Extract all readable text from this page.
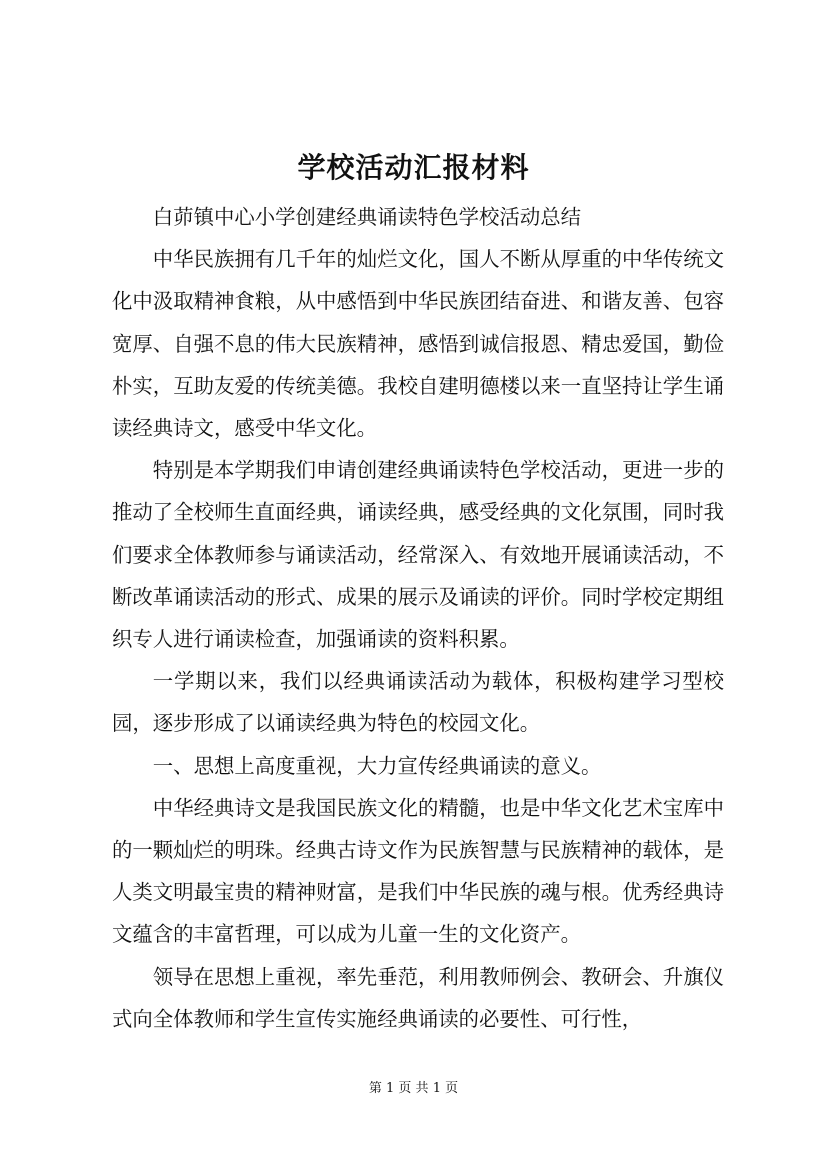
学校活动汇报材料

白茆镇中心小学创建经典诵读特色学校活动总结

中华民族拥有几千年的灿烂文化，国人不断从厚重的中华传统文化中汲取精神食粮，从中感悟到中华民族团结奋进、和谐友善、包容宽厚、自强不息的伟大民族精神，感悟到诚信报恩、精忠爱国，勤俭朴实，互助友爱的传统美德。我校自建明德楼以来一直坚持让学生诵读经典诗文，感受中华文化。

特别是本学期我们申请创建经典诵读特色学校活动，更进一步的推动了全校师生直面经典，诵读经典，感受经典的文化氛围，同时我们要求全体教师参与诵读活动，经常深入、有效地开展诵读活动，不断改革诵读活动的形式、成果的展示及诵读的评价。同时学校定期组织专人进行诵读检查，加强诵读的资料积累。

一学期以来，我们以经典诵读活动为载体，积极构建学习型校园，逐步形成了以诵读经典为特色的校园文化。

一、思想上高度重视，大力宣传经典诵读的意义。

中华经典诗文是我国民族文化的精髓，也是中华文化艺术宝库中的一颗灿烂的明珠。经典古诗文作为民族智慧与民族精神的载体，是人类文明最宝贵的精神财富，是我们中华民族的魂与根。优秀经典诗文蕴含的丰富哲理，可以成为儿童一生的文化资产。

领导在思想上重视，率先垂范，利用教师例会、教研会、升旗仪式向全体教师和学生宣传实施经典诵读的必要性、可行性，

第 1 页 共 1 页
